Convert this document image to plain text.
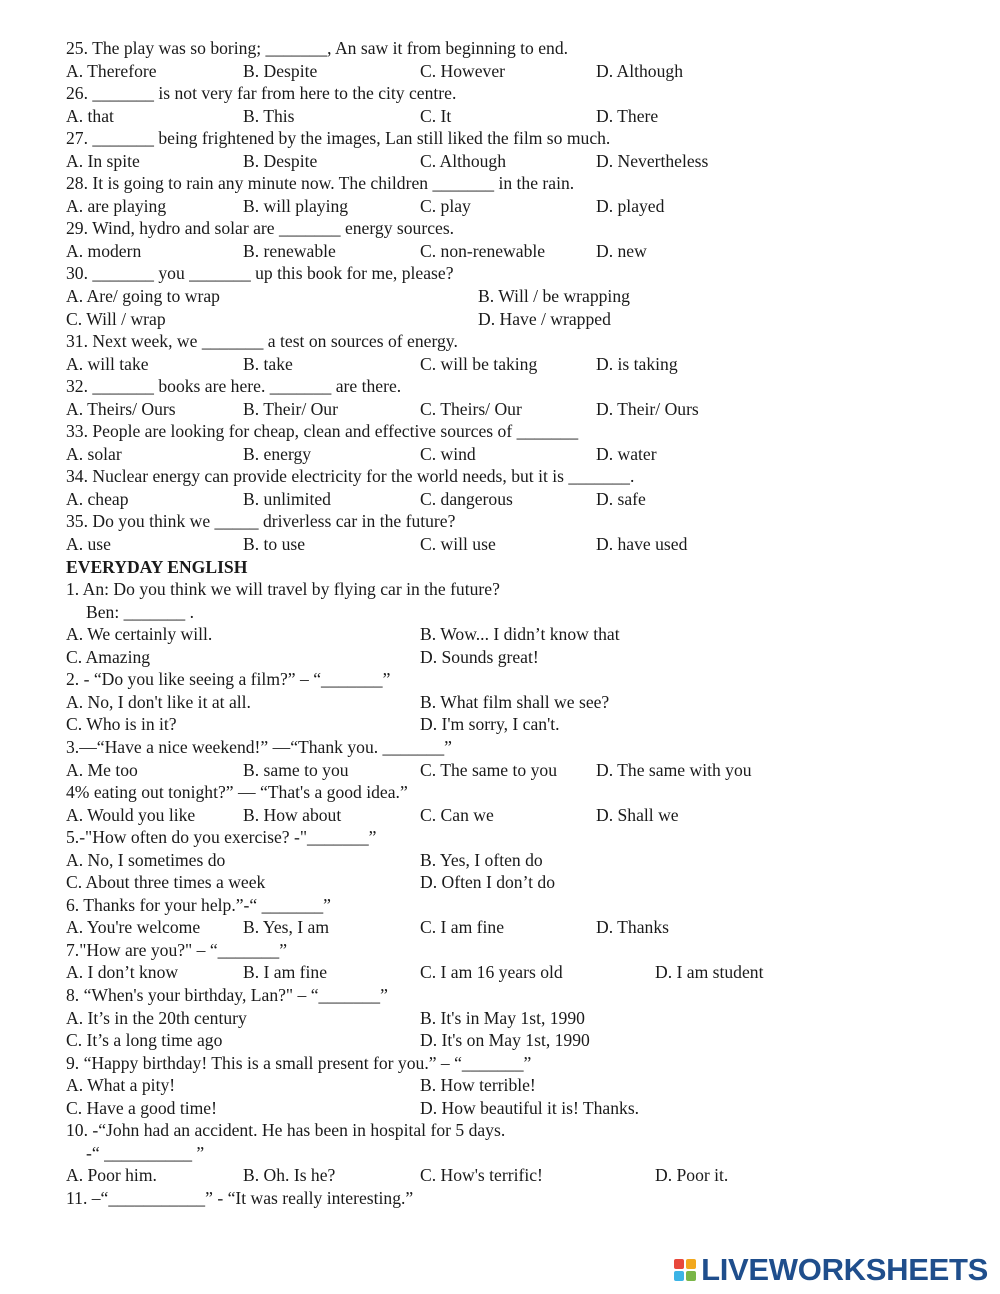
25. The play was so boring; _______, An saw it from beginning to end.
A. Therefore	B. Despite	C. However	D. Although
26. _______ is not very far from here to the city centre.
A. that	B. This	C. It	D. There
27. _______ being frightened by the images, Lan still liked the film so much.
A. In spite	B. Despite	C. Although	D. Nevertheless
28. It is going to rain any minute now. The children _______ in the rain.
A. are playing	B. will playing	C. play	D. played
29. Wind, hydro and solar are _______ energy sources.
A. modern	B. renewable	C. non-renewable	D. new
30. _______ you _______ up this book for me, please?
A. Are/ going to wrap	B. Will / be wrapping
C. Will / wrap	D. Have / wrapped
31. Next week, we _______ a test on sources of energy.
A. will take	B. take	C. will be taking	D. is taking
32. _______ books are here. _______ are there.
A. Theirs/ Ours	B. Their/ Our	C. Theirs/ Our	D. Their/ Ours
33. People are looking for cheap, clean and effective sources of _______
A. solar	B. energy	C. wind	D. water
34. Nuclear energy can provide electricity for the world needs, but it is _______.
A. cheap	B. unlimited	C. dangerous	D. safe
35. Do you think we _____ driverless car in the future?
A. use	B. to use	C. will use	D. have used
EVERYDAY ENGLISH
1. An: Do you think we will travel by flying car in the future?
Ben: _______ .
A. We certainly will.	B. Wow... I didn’t know that
C. Amazing	D. Sounds great!
2. - “Do you like seeing a film?” – “_______”
A. No, I don't like it at all.	B. What film shall we see?
C. Who is in it?	D. I'm sorry, I can't.
3.—“Have a nice weekend!” —“Thank you. _______”
A. Me too	B. same to you	C. The same to you D. The same with you
4% eating out tonight?” — “That's a good idea.”
A. Would you like	B. How about	C. Can we	D. Shall we
5.-"How often do you exercise? -"_______”
A. No, I sometimes do	B. Yes, I often do
C. About three times a week	D. Often I don’t do
6. Thanks for your help.”-“ _______”
A. You're welcome B. Yes, I am	C. I am fine	D. Thanks
7."How are you?" – “_______”
A. I don’t know	B. I am fine	C. I am 16 years old	D. I am student
8. “When's your birthday, Lan?" – “_______”
A. It’s in the 20th century	B. It's in May 1st, 1990
C. It’s a long time ago	D. It's on May 1st, 1990
9. “Happy birthday! This is a small present for you.” – “_______”
A. What a pity!	B. How terrible!
C. Have a good time!	D. How beautiful it is! Thanks.
10. -“John had an accident. He has been in hospital for 5 days.
-“ __________ ”
A. Poor him.	B. Oh. Is he?	C. How's terrific!	D. Poor it.
11. –“___________” - “It was really interesting.”
LIVEWORKSHEETS
